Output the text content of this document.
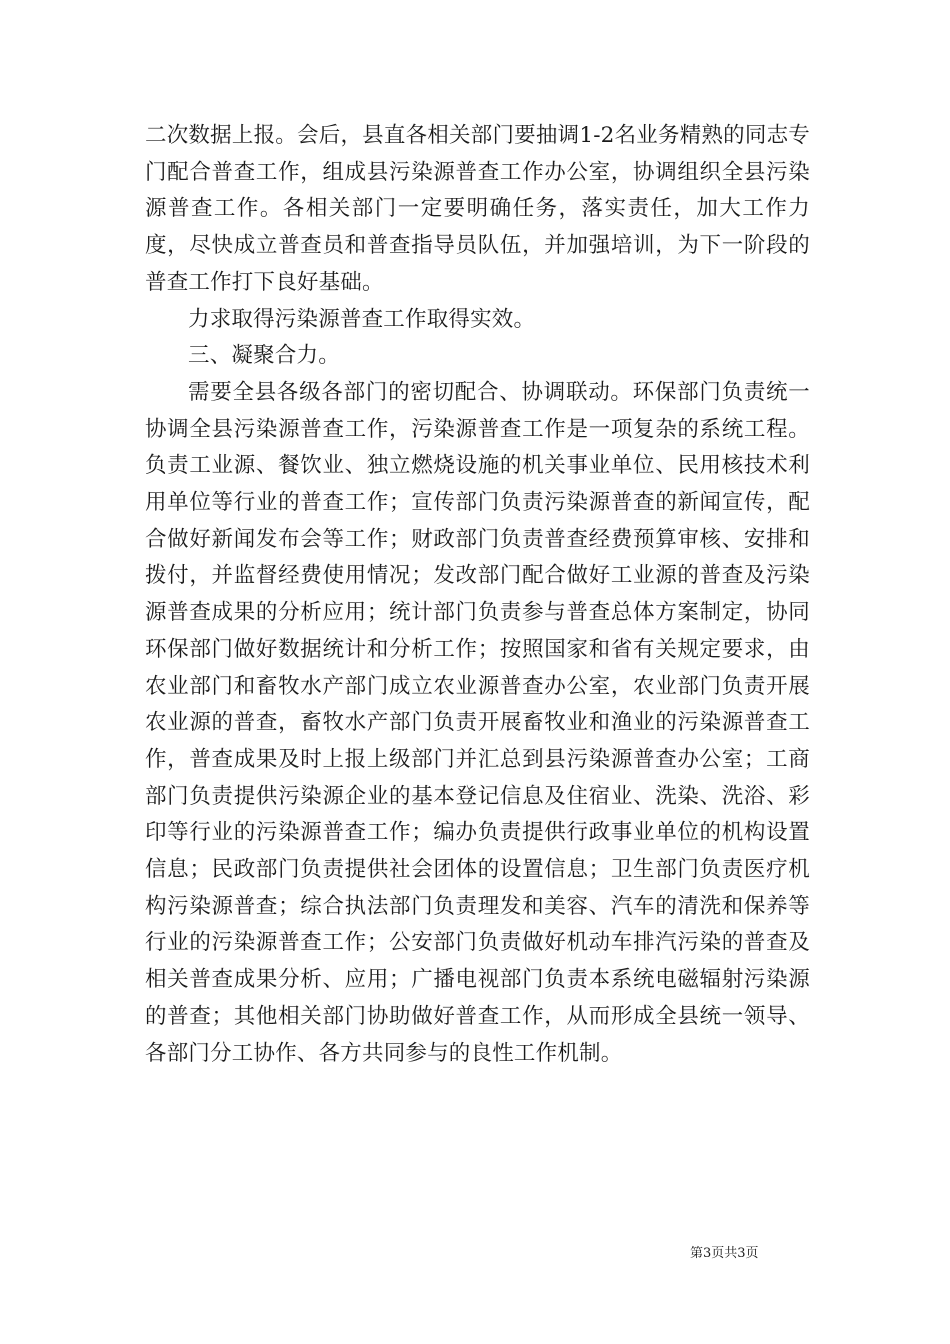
二次数据上报。会后，县直各相关部门要抽调1-2名业务精熟的同志专门配合普查工作，组成县污染源普查工作办公室，协调组织全县污染源普查工作。各相关部门一定要明确任务，落实责任，加大工作力度，尽快成立普查员和普查指导员队伍，并加强培训，为下一阶段的普查工作打下良好基础。

力求取得污染源普查工作取得实效。

三、凝聚合力。

需要全县各级各部门的密切配合、协调联动。环保部门负责统一协调全县污染源普查工作，污染源普查工作是一项复杂的系统工程。负责工业源、餐饮业、独立燃烧设施的机关事业单位、民用核技术利用单位等行业的普查工作；宣传部门负责污染源普查的新闻宣传，配合做好新闻发布会等工作；财政部门负责普查经费预算审核、安排和拨付，并监督经费使用情况；发改部门配合做好工业源的普查及污染源普查成果的分析应用；统计部门负责参与普查总体方案制定，协同环保部门做好数据统计和分析工作；按照国家和省有关规定要求，由农业部门和畜牧水产部门成立农业源普查办公室，农业部门负责开展农业源的普查，畜牧水产部门负责开展畜牧业和渔业的污染源普查工作，普查成果及时上报上级部门并汇总到县污染源普查办公室；工商部门负责提供污染源企业的基本登记信息及住宿业、洗染、洗浴、彩印等行业的污染源普查工作；编办负责提供行政事业单位的机构设置信息；民政部门负责提供社会团体的设置信息；卫生部门负责医疗机构污染源普查；综合执法部门负责理发和美容、汽车的清洗和保养等行业的污染源普查工作；公安部门负责做好机动车排汽污染的普查及相关普查成果分析、应用；广播电视部门负责本系统电磁辐射污染源的普查；其他相关部门协助做好普查工作，从而形成全县统一领导、各部门分工协作、各方共同参与的良性工作机制。

第3页共3页
